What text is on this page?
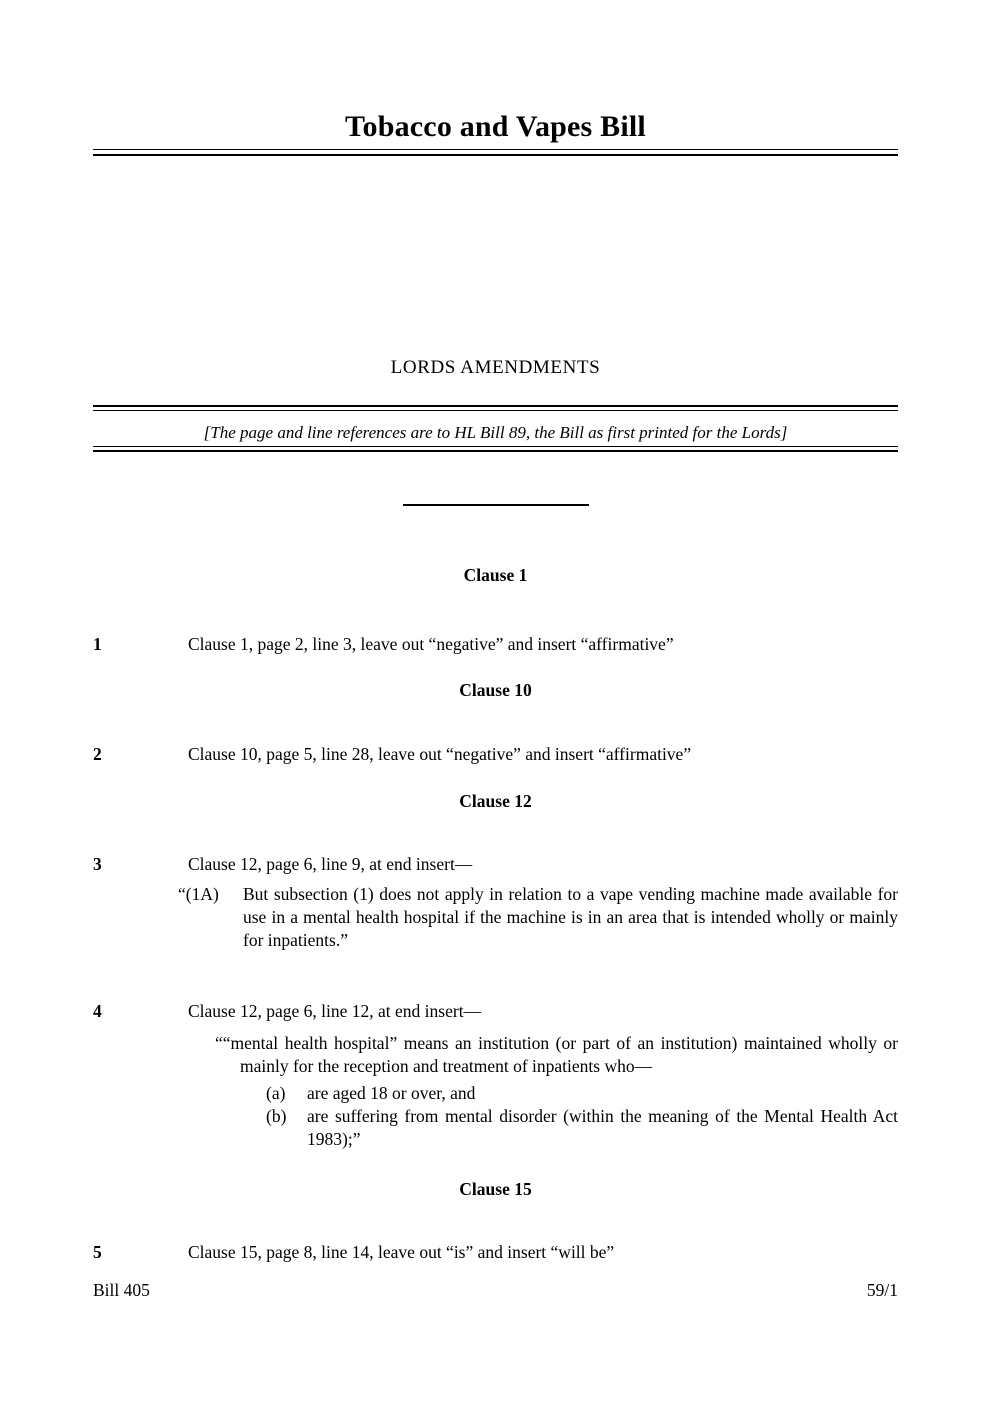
Tobacco and Vapes Bill
LORDS AMENDMENTS
[The page and line references are to HL Bill 89, the Bill as first printed for the Lords]
Clause 1
1	Clause 1, page 2, line 3, leave out “negative” and insert “affirmative”
Clause 10
2	Clause 10, page 5, line 28, leave out “negative” and insert “affirmative”
Clause 12
3	Clause 12, page 6, line 9, at end insert—
“(1A)	But subsection (1) does not apply in relation to a vape vending machine made available for use in a mental health hospital if the machine is in an area that is intended wholly or mainly for inpatients.”
4	Clause 12, page 6, line 12, at end insert—
““mental health hospital” means an institution (or part of an institution) maintained wholly or mainly for the reception and treatment of inpatients who—
(a)	are aged 18 or over, and
(b)	are suffering from mental disorder (within the meaning of the Mental Health Act 1983);”
Clause 15
5	Clause 15, page 8, line 14, leave out “is” and insert “will be”
Bill 405	59/1
